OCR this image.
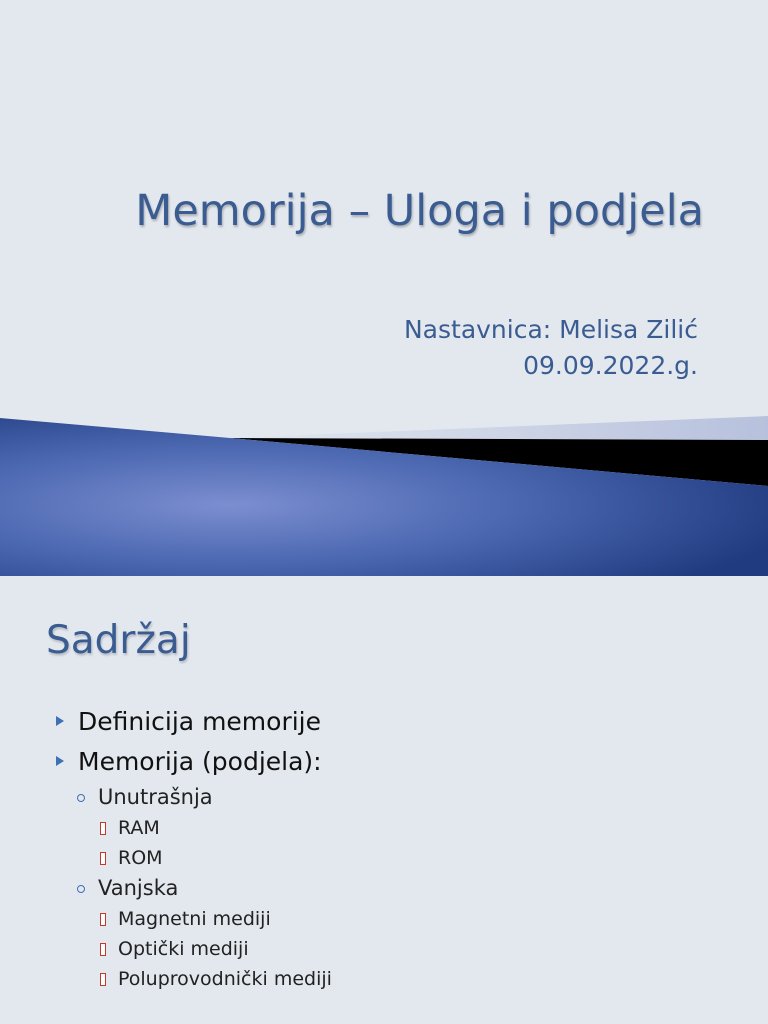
Memorija – Uloga i podjela
Nastavnica: Melisa Zilić
09.09.2022.g.
Sadržaj
Definicija memorije
Memorija (podjela):
Unutrašnja
RAM
ROM
Vanjska
Magnetni mediji
Optički mediji
Poluprovodnički mediji
